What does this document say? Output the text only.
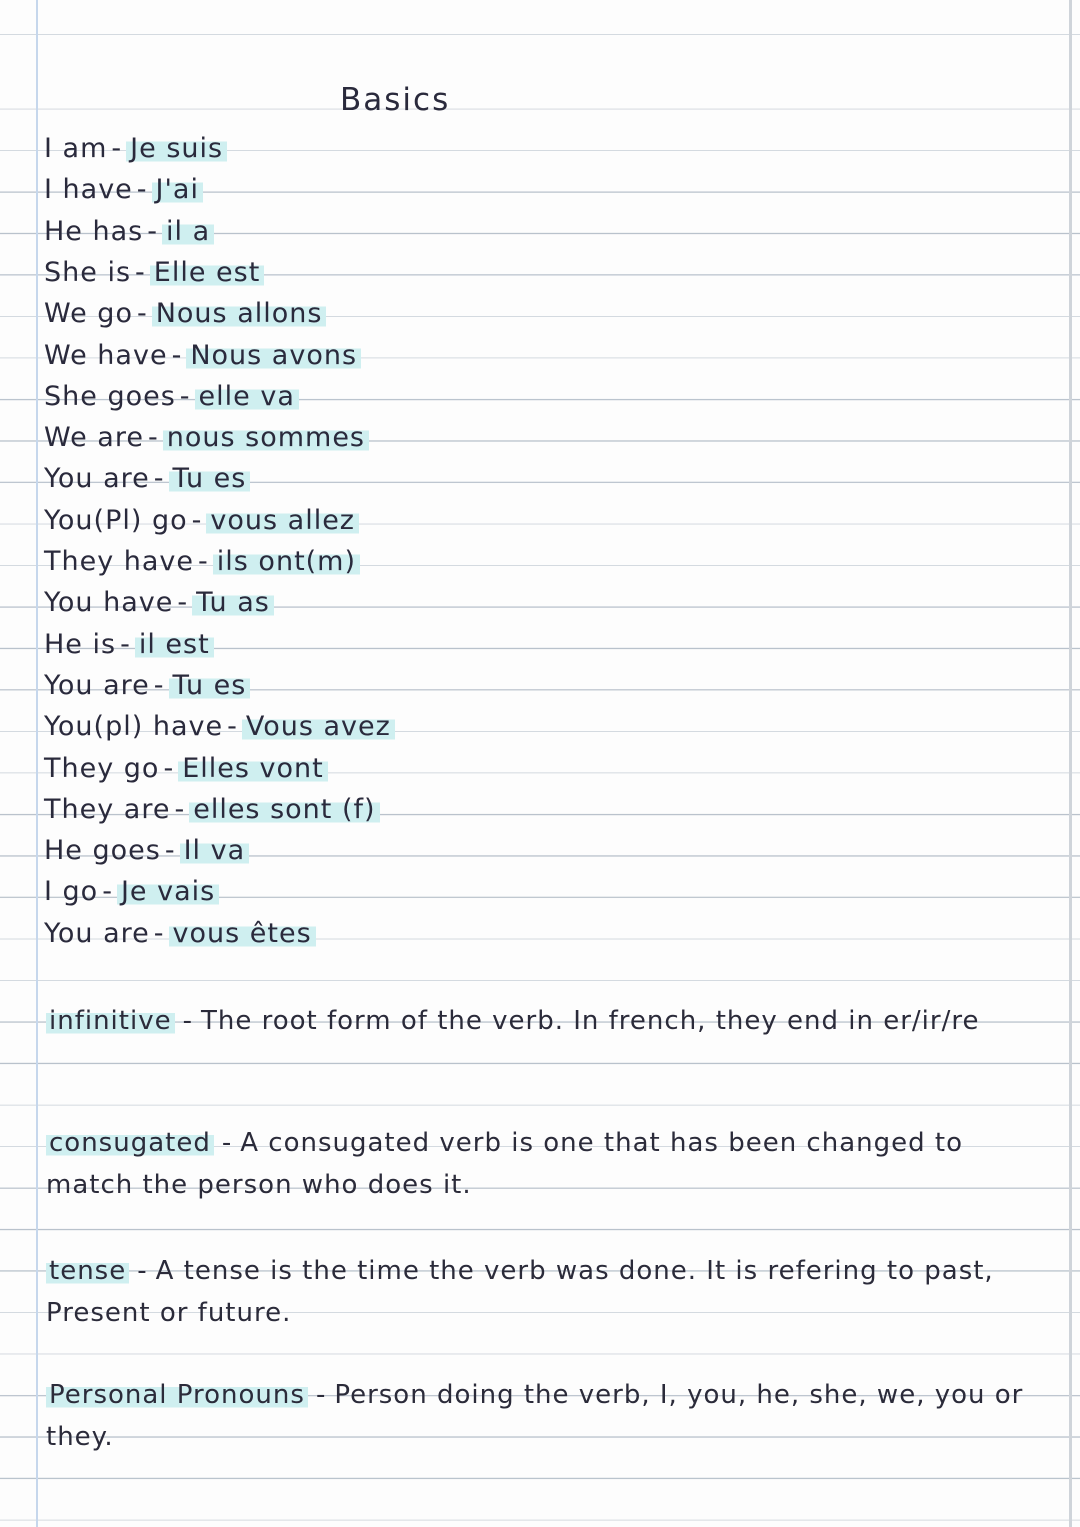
Basics
I am - Je suis
I have - J'ai
He has - il a
She is - Elle est
We go - Nous allons
We have - Nous avons
She goes - elle va
We are - nous sommes
You are - Tu es
You(Pl) go - vous allez
They have - ils ont(m)
You have - Tu as
He is - il est
You are - Tu es
You(pl) have - Vous avez
They go - Elles vont
They are - elles sont (f)
He goes - Il va
I go - Je vais
You are - vous êtes
infinitive - The root form of the verb. In french, they end in er/ir/re
consugated - A consugated verb is one that has been changed to match the person who does it.
tense - A tense is the time the verb was done. It is refering to past, Present or future.
Personal Pronouns - Person doing the verb, I, you, he, she, we, you or they.
